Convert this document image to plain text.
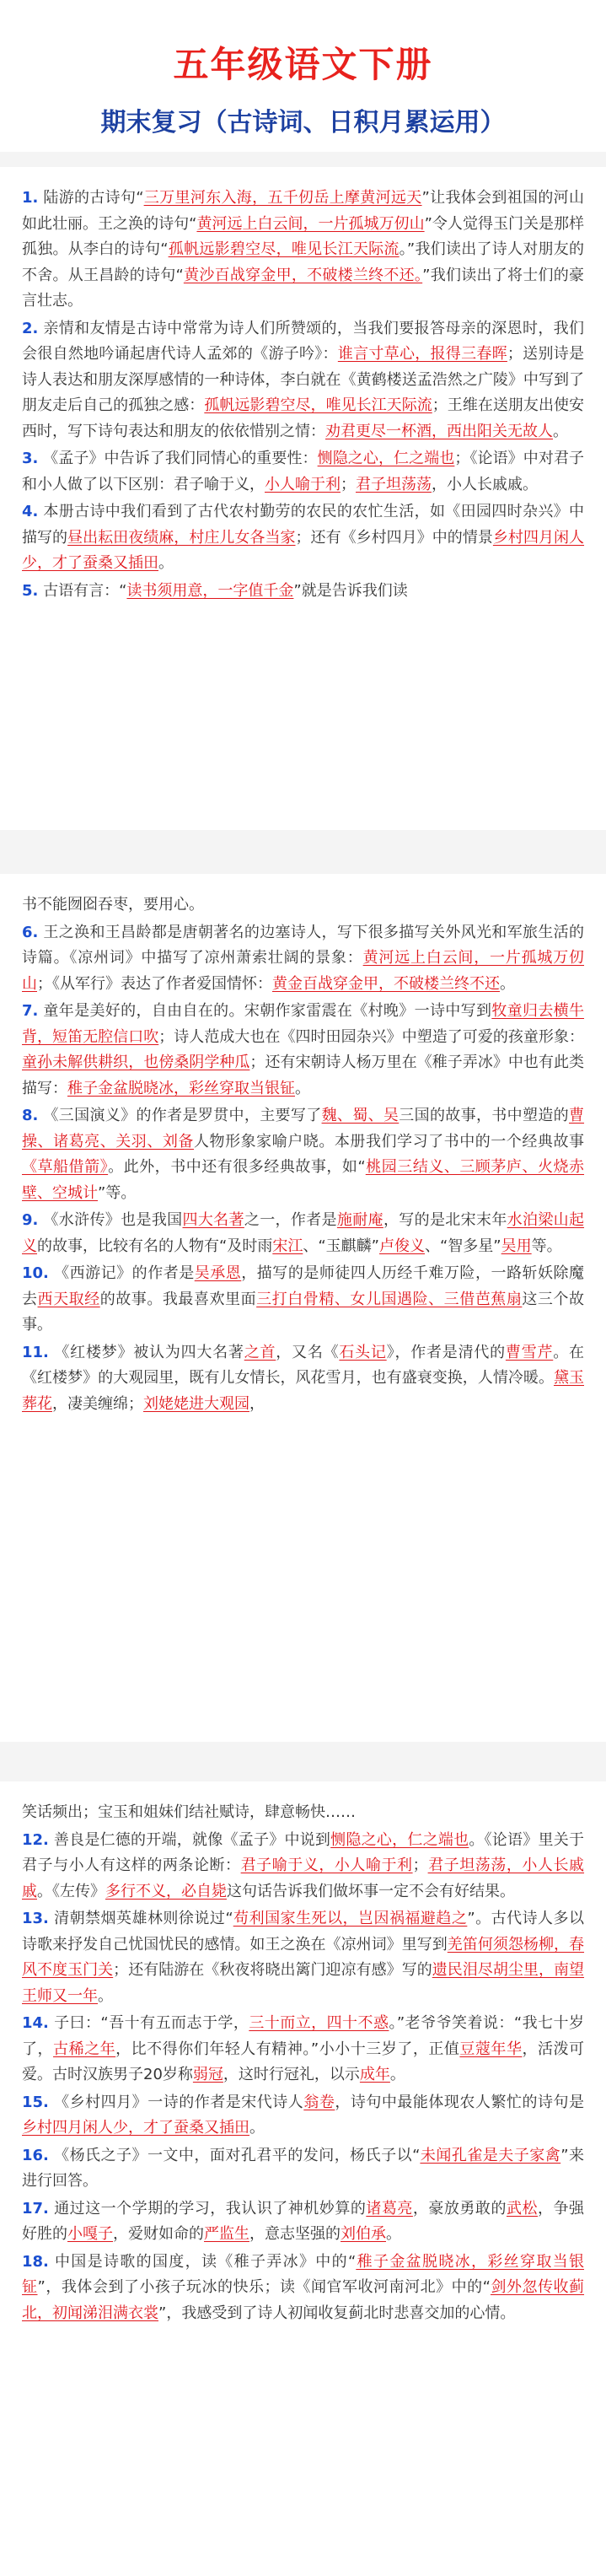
五年级语文下册
期末复习（古诗词、日积月累运用）

1. 陆游的古诗句“三万里河东入海，五千仞岳上摩黄河远天”让我体会到祖国的河山如此壮丽。王之涣的诗句“黄河远上白云间，一片孤城万仞山”令人觉得玉门关是那样孤独。从李白的诗句“孤帆远影碧空尽，唯见长江天际流。”我们读出了诗人对朋友的不舍。从王昌龄的诗句“黄沙百战穿金甲，不破楼兰终不还。”我们读出了将士们的豪言壮志。

2. 亲情和友情是古诗中常常为诗人们所赞颂的，当我们要报答母亲的深恩时，我们会很自然地吟诵起唐代诗人孟郊的《游子吟》：谁言寸草心，报得三春晖；送别诗是诗人表达和朋友深厚感情的一种诗体，李白就在《黄鹤楼送孟浩然之广陵》中写到了朋友走后自己的孤独之感：孤帆远影碧空尽，唯见长江天际流；王维在送朋友出使安西时，写下诗句表达和朋友的依依惜别之情：劝君更尽一杯酒，西出阳关无故人。

3. 《孟子》中告诉了我们同情心的重要性：恻隐之心，仁之端也；《论语》中对君子和小人做了以下区别：君子喻于义，小人喻于利；君子坦荡荡，小人长戚戚。

4. 本册古诗中我们看到了古代农村勤劳的农民的农忙生活，如《田园四时杂兴》中描写的昼出耘田夜绩麻，村庄儿女各当家；还有《乡村四月》中的情景乡村四月闲人少，才了蚕桑又插田。

5. 古语有言：“读书须用意，一字值千金”就是告诉我们读

书不能囫囵吞枣，要用心。

6. 王之涣和王昌龄都是唐朝著名的边塞诗人，写下很多描写关外风光和军旅生活的诗篇。《凉州词》中描写了凉州萧索壮阔的景象：黄河远上白云间，一片孤城万仞山；《从军行》表达了作者爱国情怀：黄金百战穿金甲，不破楼兰终不还。

7. 童年是美好的，自由自在的。宋朝作家雷震在《村晚》一诗中写到牧童归去横牛背，短笛无腔信口吹；诗人范成大也在《四时田园杂兴》中塑造了可爱的孩童形象：童孙未解供耕织，也傍桑阴学种瓜；还有宋朝诗人杨万里在《稚子弄冰》中也有此类描写：稚子金盆脱晓冰，彩丝穿取当银钲。

8. 《三国演义》的作者是罗贯中，主要写了魏、蜀、吴三国的故事，书中塑造的曹操、诸葛亮、关羽、刘备人物形象家喻户晓。本册我们学习了书中的一个经典故事《草船借箭》。此外，书中还有很多经典故事，如“桃园三结义、三顾茅庐、火烧赤壁、空城计”等。

9. 《水浒传》也是我国四大名著之一，作者是施耐庵，写的是北宋末年水泊梁山起义的故事，比较有名的人物有“及时雨宋江、“玉麒麟”卢俊义、“智多星”吴用等。

10. 《西游记》的作者是吴承恩，描写的是师徒四人历经千难万险，一路斩妖除魔去西天取经的故事。我最喜欢里面三打白骨精、女儿国遇险、三借芭蕉扇这三个故事。

11. 《红楼梦》被认为四大名著之首，又名《石头记》，作者是清代的曹雪芹。在《红楼梦》的大观园里，既有儿女情长，风花雪月，也有盛衰变换，人情冷暖。黛玉葬花，凄美缠绵；刘姥姥进大观园，

笑话频出；宝玉和姐妹们结社赋诗，肆意畅快……

12. 善良是仁德的开端，就像《孟子》中说到恻隐之心，仁之端也。《论语》里关于君子与小人有这样的两条论断：君子喻于义，小人喻于利；君子坦荡荡，小人长戚戚。《左传》多行不义，必自毙这句话告诉我们做坏事一定不会有好结果。

13. 清朝禁烟英雄林则徐说过“苟利国家生死以，岂因祸福避趋之”。古代诗人多以诗歌来抒发自己忧国忧民的感情。如王之涣在《凉州词》里写到羌笛何须怨杨柳，春风不度玉门关；还有陆游在《秋夜将晓出篱门迎凉有感》写的遗民泪尽胡尘里，南望王师又一年。

14. 子曰：“吾十有五而志于学，三十而立，四十不惑。”老爷爷笑着说：“我七十岁了，古稀之年，比不得你们年轻人有精神。”小小十三岁了，正值豆蔻年华，活泼可爱。古时汉族男子20岁称弱冠，这时行冠礼，以示成年。

15. 《乡村四月》一诗的作者是宋代诗人翁卷，诗句中最能体现农人繁忙的诗句是乡村四月闲人少，才了蚕桑又插田。

16. 《杨氏之子》一文中，面对孔君平的发问，杨氏子以“未闻孔雀是夫子家禽”来进行回答。

17. 通过这一个学期的学习，我认识了神机妙算的诸葛亮，豪放勇敢的武松，争强好胜的小嘎子，爱财如命的严监生，意志坚强的刘伯承。

18. 中国是诗歌的国度，读《稚子弄冰》中的“稚子金盆脱晓冰，彩丝穿取当银钲”，我体会到了小孩子玩冰的快乐；读《闻官军收河南河北》中的“剑外忽传收蓟北，初闻涕泪满衣裳”，我感受到了诗人初闻收复蓟北时悲喜交加的心情。
